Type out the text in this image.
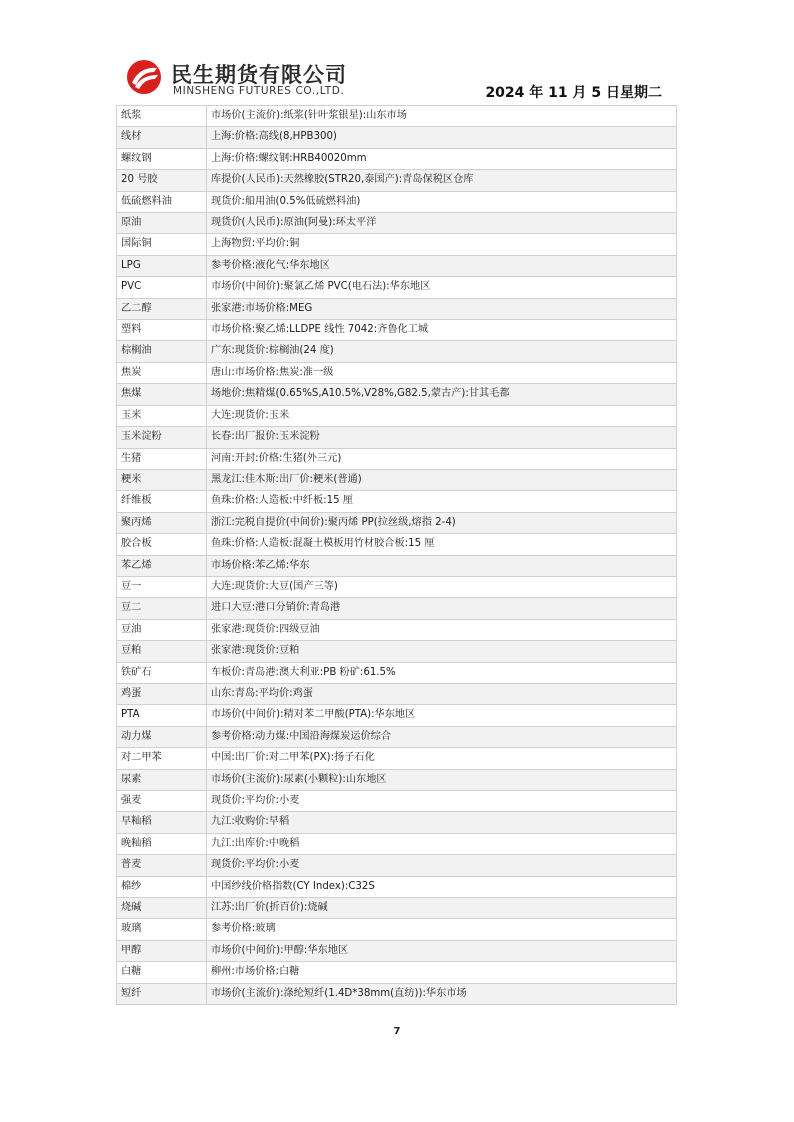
民生期货有限公司
MINSHENG FUTURES CO.,LTD.	2024 年 11 月 5 日星期二
纸浆	市场价(主流价):纸浆(针叶浆银星):山东市场
线材	上海:价格:高线(8,HPB300)
螺纹钢	上海:价格:螺纹钢:HRB40020mm
20 号胶	库提价(人民币):天然橡胶(STR20,泰国产):青岛保税区仓库
低硫燃料油	现货价:船用油(0.5%低硫燃料油)
原油	现货价(人民币):原油(阿曼):环太平洋
国际铜	上海物贸:平均价:铜
LPG	参考价格:液化气:华东地区
PVC	市场价(中间价):聚氯乙烯 PVC(电石法):华东地区
乙二醇	张家港:市场价格:MEG
塑料	市场价格:聚乙烯:LLDPE 线性 7042:齐鲁化工城
棕榈油	广东:现货价:棕榈油(24 度)
焦炭	唐山:市场价格:焦炭:准一级
焦煤	场地价:焦精煤(0.65%S,A10.5%,V28%,G82.5,蒙古产):甘其毛都
玉米	大连:现货价:玉米
玉米淀粉	长春:出厂报价:玉米淀粉
生猪	河南:开封:价格:生猪(外三元)
粳米	黑龙江:佳木斯:出厂价:粳米(普通)
纤维板	鱼珠:价格:人造板:中纤板:15 厘
聚丙烯	浙江:完税自提价(中间价):聚丙烯 PP(拉丝级,熔指 2-4)
胶合板	鱼珠:价格:人造板:混凝土模板用竹材胶合板:15 厘
苯乙烯	市场价格:苯乙烯:华东
豆一	大连:现货价:大豆(国产三等)
豆二	进口大豆:港口分销价:青岛港
豆油	张家港:现货价:四级豆油
豆粕	张家港:现货价:豆粕
铁矿石	车板价:青岛港:澳大利亚:PB 粉矿:61.5%
鸡蛋	山东:青岛:平均价:鸡蛋
PTA	市场价(中间价):精对苯二甲酸(PTA):华东地区
动力煤	参考价格:动力煤:中国沿海煤炭运价综合
对二甲苯	中国:出厂价:对二甲苯(PX):扬子石化
尿素	市场价(主流价):尿素(小颗粒):山东地区
强麦	现货价:平均价:小麦
早籼稻	九江:收购价:早稻
晚籼稻	九江:出库价:中晚稻
普麦	现货价:平均价:小麦
棉纱	中国纱线价格指数(CY Index):C32S
烧碱	江苏:出厂价(折百价):烧碱
玻璃	参考价格:玻璃
甲醇	市场价(中间价):甲醇:华东地区
白糖	柳州:市场价格:白糖
短纤	市场价(主流价):涤纶短纤(1.4D*38mm(直纺)):华东市场
7
